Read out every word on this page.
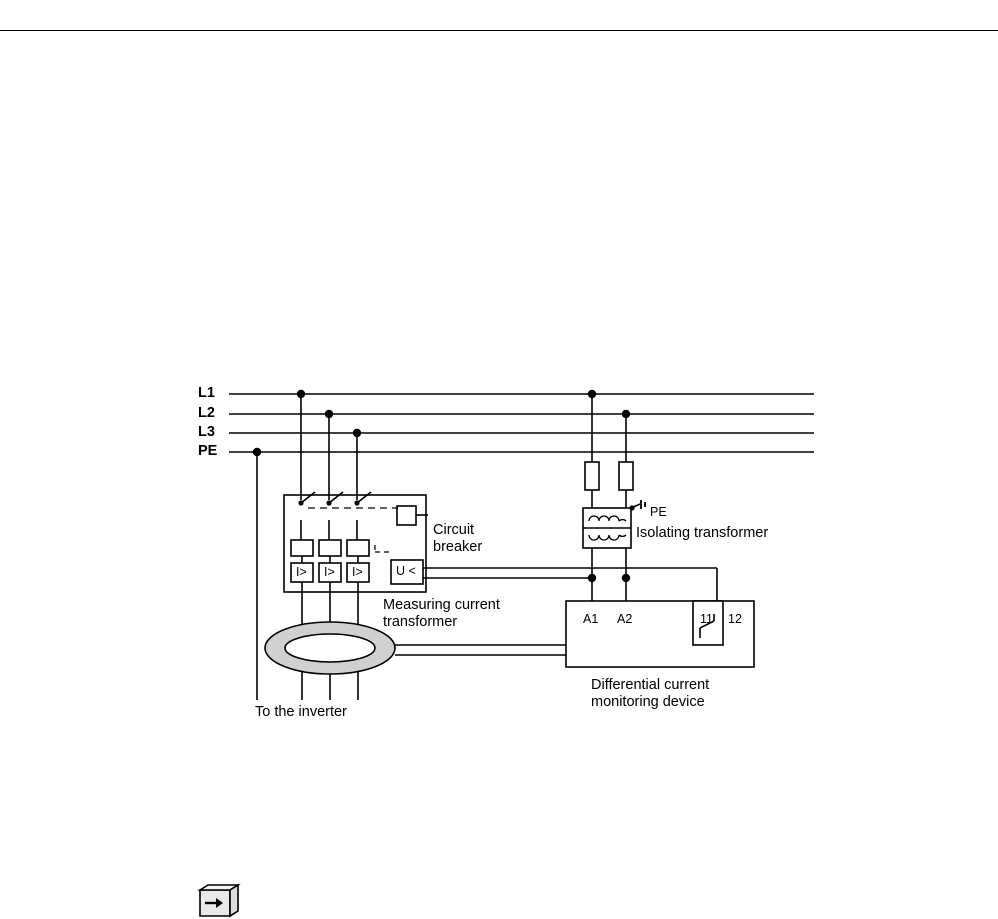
L1
L2
L3
PE
I> I> I>	U <
Circuit
breaker
Measuring current
transformer
PE
Isolating transformer
A1 A2	11 12
Differential current
monitoring device
To the inverter
